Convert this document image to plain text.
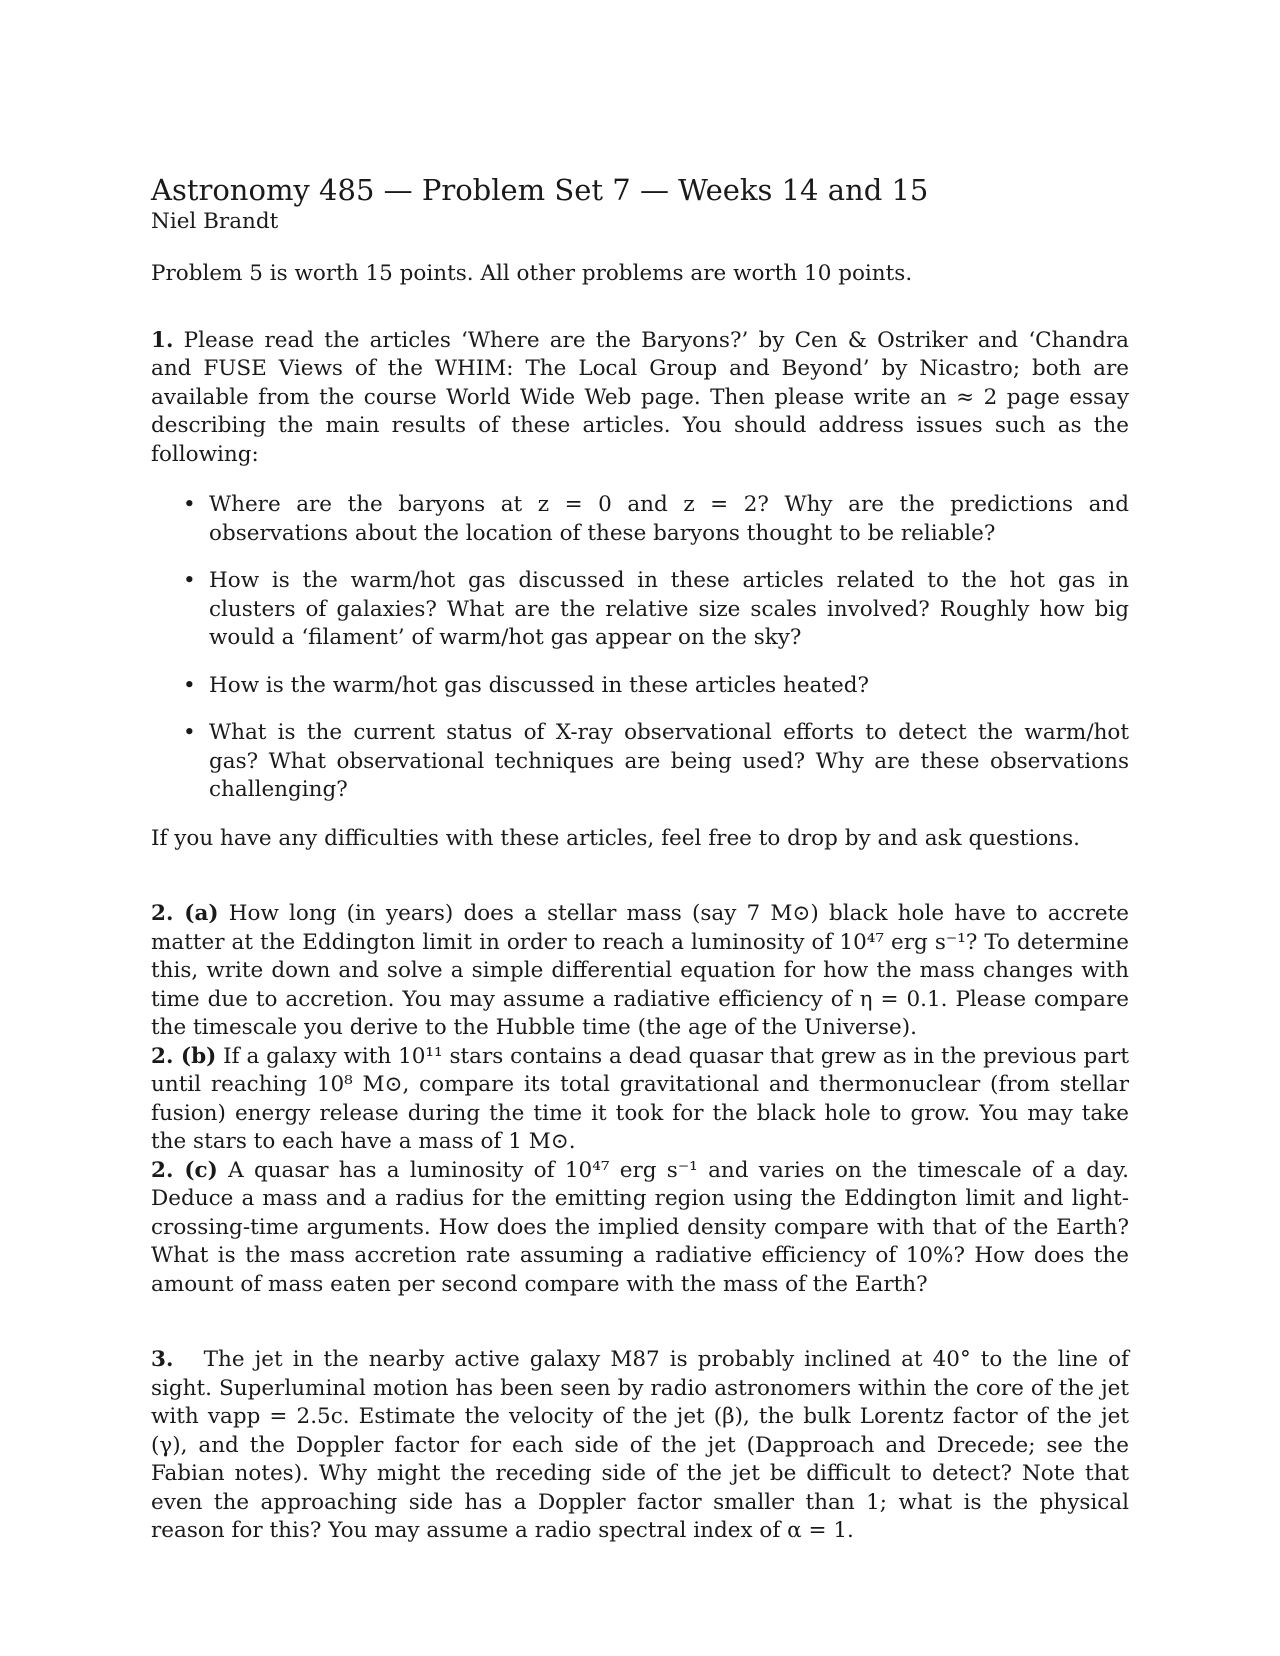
Astronomy 485 — Problem Set 7 — Weeks 14 and 15
Niel Brandt

Problem 5 is worth 15 points. All other problems are worth 10 points.

1. Please read the articles ‘Where are the Baryons?’ by Cen & Ostriker and ‘Chandra and FUSE Views of the WHIM: The Local Group and Beyond’ by Nicastro; both are available from the course World Wide Web page. Then please write an ≈ 2 page essay describing the main results of these articles. You should address issues such as the following:

• Where are the baryons at z = 0 and z = 2? Why are the predictions and observations about the location of these baryons thought to be reliable?
• How is the warm/hot gas discussed in these articles related to the hot gas in clusters of galaxies? What are the relative size scales involved? Roughly how big would a ‘filament’ of warm/hot gas appear on the sky?
• How is the warm/hot gas discussed in these articles heated?
• What is the current status of X-ray observational efforts to detect the warm/hot gas? What observational techniques are being used? Why are these observations challenging?

If you have any difficulties with these articles, feel free to drop by and ask questions.

2. (a) How long (in years) does a stellar mass (say 7 M⊙) black hole have to accrete matter at the Eddington limit in order to reach a luminosity of 10⁴⁷ erg s⁻¹? To determine this, write down and solve a simple differential equation for how the mass changes with time due to accretion. You may assume a radiative efficiency of η = 0.1. Please compare the timescale you derive to the Hubble time (the age of the Universe).

2. (b) If a galaxy with 10¹¹ stars contains a dead quasar that grew as in the previous part until reaching 10⁸ M⊙, compare its total gravitational and thermonuclear (from stellar fusion) energy release during the time it took for the black hole to grow. You may take the stars to each have a mass of 1 M⊙.

2. (c) A quasar has a luminosity of 10⁴⁷ erg s⁻¹ and varies on the timescale of a day. Deduce a mass and a radius for the emitting region using the Eddington limit and light-crossing-time arguments. How does the implied density compare with that of the Earth? What is the mass accretion rate assuming a radiative efficiency of 10%? How does the amount of mass eaten per second compare with the mass of the Earth?

3. The jet in the nearby active galaxy M87 is probably inclined at 40° to the line of sight. Superluminal motion has been seen by radio astronomers within the core of the jet with vapp = 2.5c. Estimate the velocity of the jet (β), the bulk Lorentz factor of the jet (γ), and the Doppler factor for each side of the jet (Dapproach and Drecede; see the Fabian notes). Why might the receding side of the jet be difficult to detect? Note that even the approaching side has a Doppler factor smaller than 1; what is the physical reason for this? You may assume a radio spectral index of α = 1.
